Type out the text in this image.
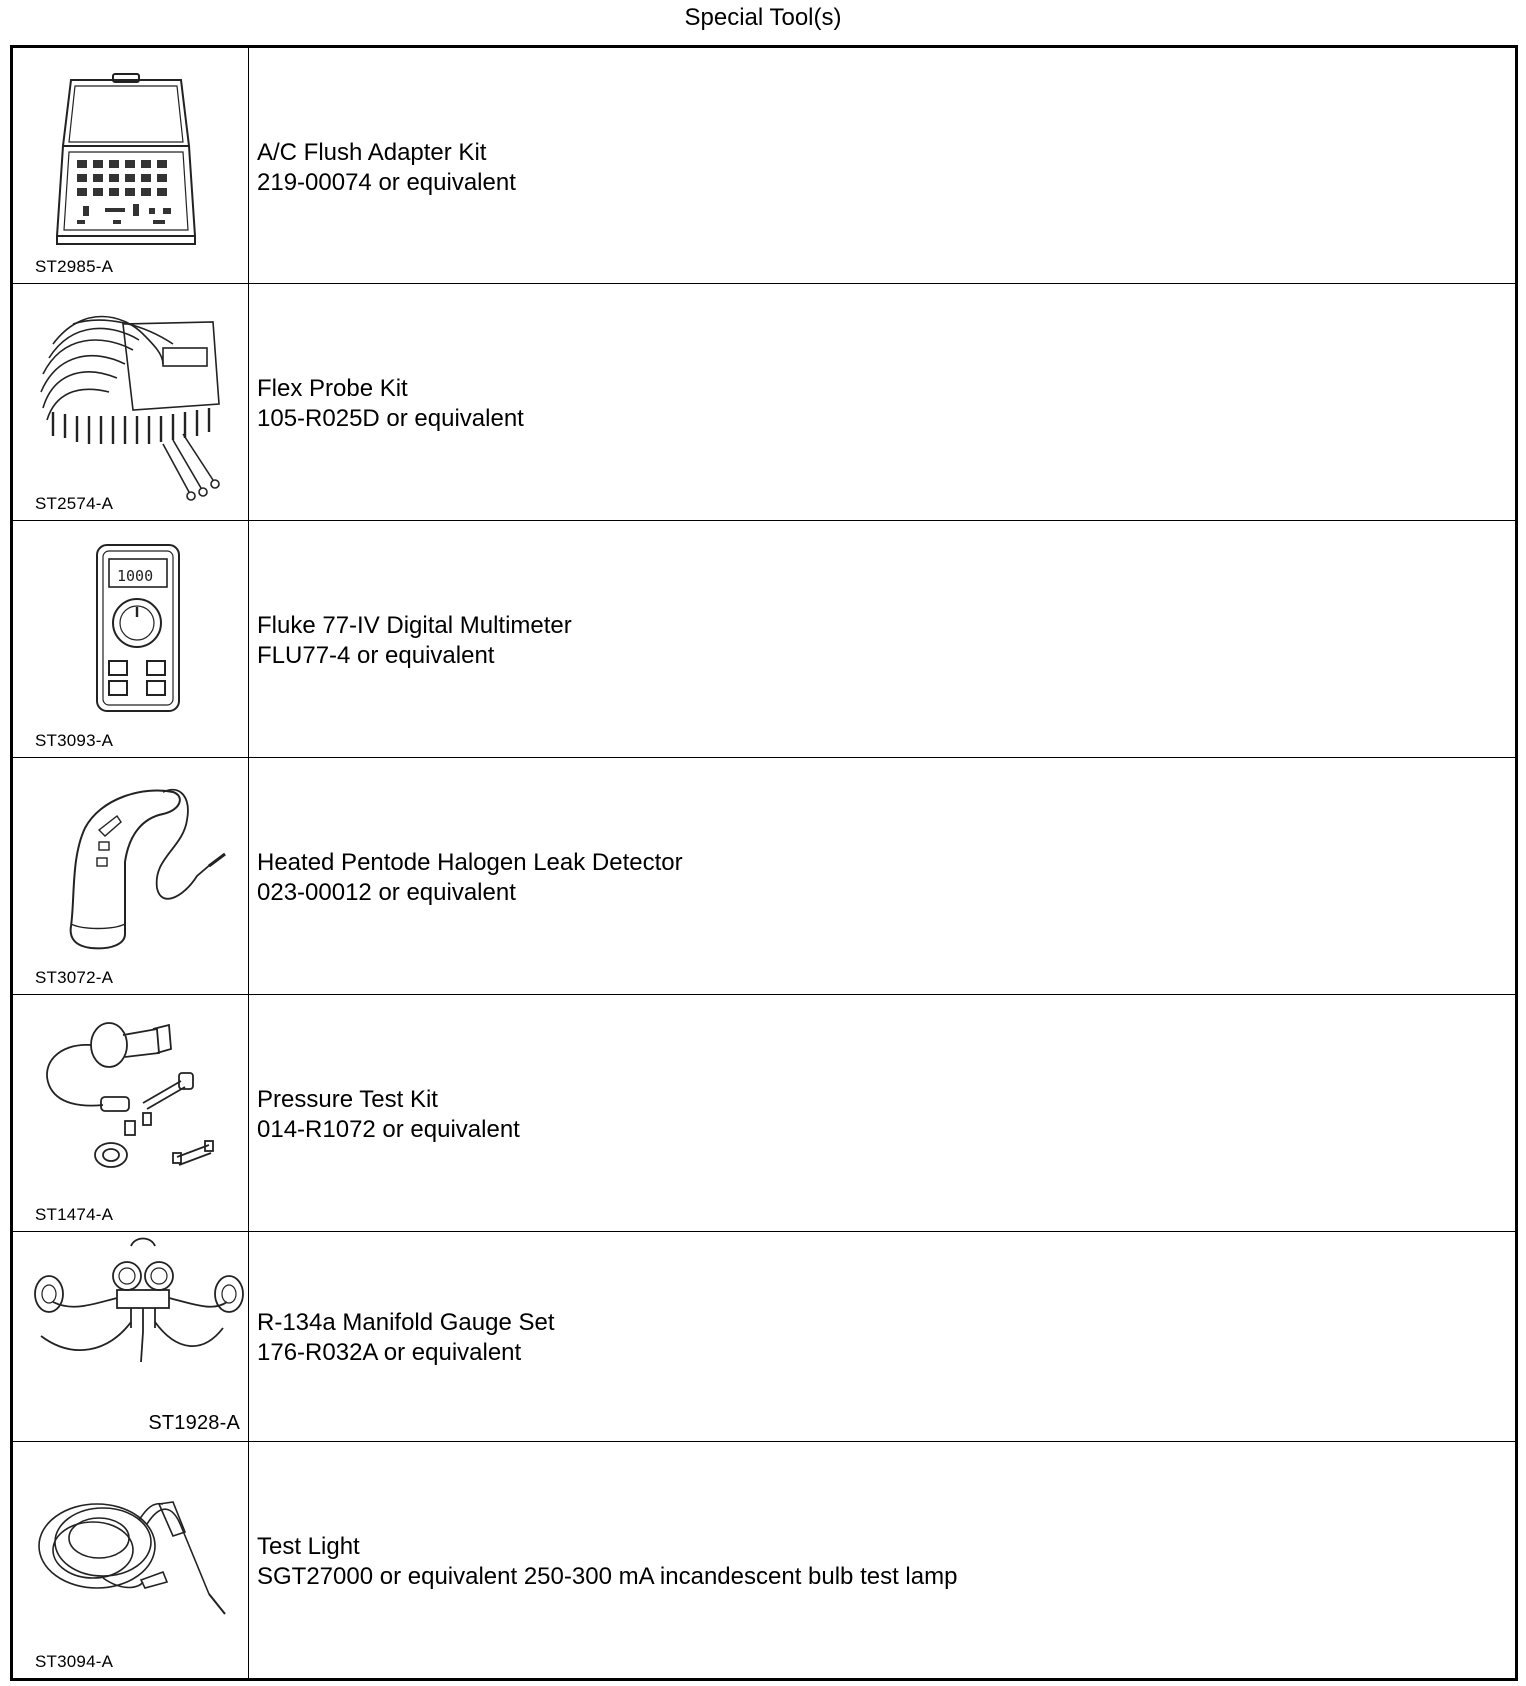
Special Tool(s)
ST2985-A
A/C Flush Adapter Kit
219-00074 or equivalent
ST2574-A
Flex Probe Kit
105-R025D or equivalent
1000
ST3093-A
Fluke 77-IV Digital Multimeter
FLU77-4 or equivalent
ST3072-A
Heated Pentode Halogen Leak Detector
023-00012 or equivalent
ST1474-A
Pressure Test Kit
014-R1072 or equivalent
ST1928-A
R-134a Manifold Gauge Set
176-R032A or equivalent
ST3094-A
Test Light
SGT27000 or equivalent 250-300 mA incandescent bulb test lamp
